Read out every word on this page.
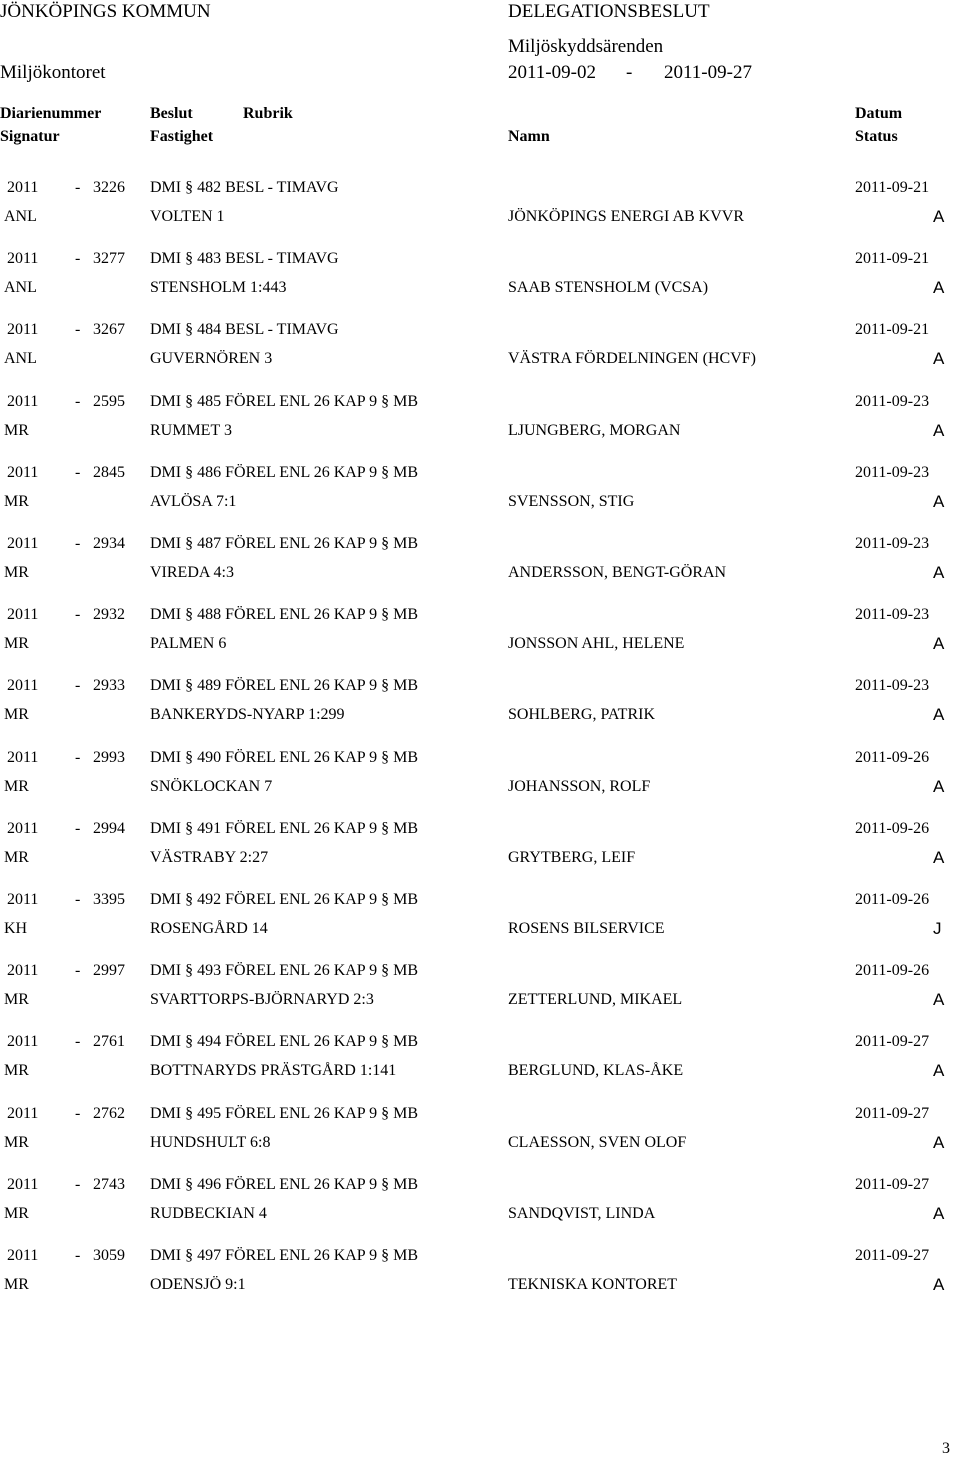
JÖNKÖPINGS KOMMUN
Miljökontoret
DELEGATIONSBESLUT
Miljöskyddsärenden
2011-09-02 - 2011-09-27
Diarienummer	Beslut	Rubrik	Datum
Signatur	Fastighet	Namn	Status
2011 - 3226 DMI § 482 BESL - TIMAVG	2011-09-21
ANL	VOLTEN 1	JÖNKÖPINGS ENERGI AB KVVR	A
2011 - 3277 DMI § 483 BESL - TIMAVG	2011-09-21
ANL	STENSHOLM 1:443	SAAB STENSHOLM (VCSA)	A
2011 - 3267 DMI § 484 BESL - TIMAVG	2011-09-21
ANL	GUVERNÖREN 3	VÄSTRA FÖRDELNINGEN (HCVF)	A
2011 - 2595 DMI § 485 FÖREL ENL 26 KAP 9 § MB	2011-09-23
MR	RUMMET 3	LJUNGBERG, MORGAN	A
2011 - 2845 DMI § 486 FÖREL ENL 26 KAP 9 § MB	2011-09-23
MR	AVLÖSA 7:1	SVENSSON, STIG	A
2011 - 2934 DMI § 487 FÖREL ENL 26 KAP 9 § MB	2011-09-23
MR	VIREDA 4:3	ANDERSSON, BENGT-GÖRAN	A
2011 - 2932 DMI § 488 FÖREL ENL 26 KAP 9 § MB	2011-09-23
MR	PALMEN 6	JONSSON AHL, HELENE	A
2011 - 2933 DMI § 489 FÖREL ENL 26 KAP 9 § MB	2011-09-23
MR	BANKERYDS-NYARP 1:299	SOHLBERG, PATRIK	A
2011 - 2993 DMI § 490 FÖREL ENL 26 KAP 9 § MB	2011-09-26
MR	SNÖKLOCKAN 7	JOHANSSON, ROLF	A
2011 - 2994 DMI § 491 FÖREL ENL 26 KAP 9 § MB	2011-09-26
MR	VÄSTRABY 2:27	GRYTBERG, LEIF	A
2011 - 3395 DMI § 492 FÖREL ENL 26 KAP 9 § MB	2011-09-26
KH	ROSENGÅRD 14	ROSENS BILSERVICE	J
2011 - 2997 DMI § 493 FÖREL ENL 26 KAP 9 § MB	2011-09-26
MR	SVARTTORPS-BJÖRNARYD 2:3	ZETTERLUND, MIKAEL	A
2011 - 2761 DMI § 494 FÖREL ENL 26 KAP 9 § MB	2011-09-27
MR	BOTTNARYDS PRÄSTGÅRD 1:141	BERGLUND, KLAS-ÅKE	A
2011 - 2762 DMI § 495 FÖREL ENL 26 KAP 9 § MB	2011-09-27
MR	HUNDSHULT 6:8	CLAESSON, SVEN OLOF	A
2011 - 2743 DMI § 496 FÖREL ENL 26 KAP 9 § MB	2011-09-27
MR	RUDBECKIAN 4	SANDQVIST, LINDA	A
2011 - 3059 DMI § 497 FÖREL ENL 26 KAP 9 § MB	2011-09-27
MR	ODENSJÖ 9:1	TEKNISKA KONTORET	A
3
